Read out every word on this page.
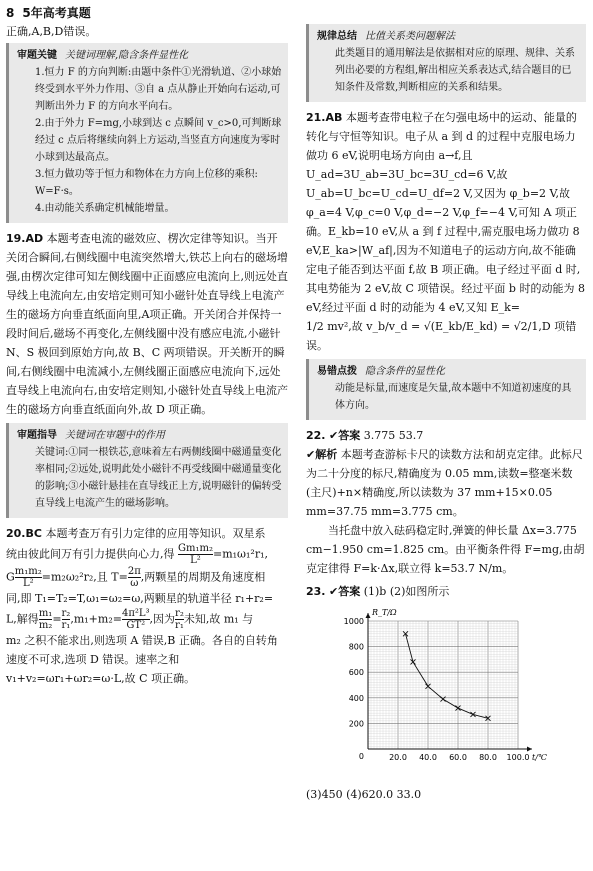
8 5年高考真题

正确,A,B,D错误。

审题关键 关键词理解,隐含条件显性化
1.恒力 F 的方向判断:由题中条件①光滑轨道、②小球始终受到水平外力作用、③自 a 点从静止开始向右运动,可判断出外力 F 的方向水平向右。
2.由于外力 F=mg,小球到达 c 点瞬间 v_c>0,可判断球经过 c 点后将继续向斜上方运动,当竖直方向速度为零时小球到达最高点。
3.恒力做功等于恒力和物体在力方向上位移的乘积:
W=F·s。
4.由动能关系确定机械能增量。

19.AD 本题考查电流的磁效应、楞次定律等知识。当开关闭合瞬间,右侧线圈中电流突然增大,铁芯上向右的磁场增强,由楞次定律可知左侧线圈中正面感应电流向上,则远处直导线上电流向左,由安培定则可知小磁针处直导线上电流产生的磁场方向垂直纸面向里,A项正确。开关闭合并保持一段时间后,磁场不再变化,左侧线圈中没有感应电流,小磁针 N、S 极回到原始方向,故 B、C 两项错误。开关断开的瞬间,右侧线圈中电流减小,左侧线圈正面感应电流向下,远处直导线上电流向右,由安培定则知,小磁针处直导线上电流产生的磁场方向垂直纸面向外,故 D 项正确。

审题指导 关键词在审题中的作用
关键词:①同一根铁芯,意味着左右两侧线圈中磁通量变化率相同;②远处,说明此处小磁针不再受线圈中磁通量变化的影响;③小磁针悬挂在直导线正上方,说明磁针的偏转受直导线上电流产生的磁场影响。

20.BC 本题考查万有引力定律的应用等知识。双星系

统由彼此间万有引力提供向心力,得 $\frac{\text{Gm₁m₂}}{\text{L²}} =m_1\omega_1^2r_1$,

G $\frac{\text{m₁m₂}}{\text{L²}} =m_2\omega_2^2r_2$,且 $T= \frac{2\pi}{\omega}$ ,两颗星的周期及角速度相

同,即 T₁=T₂=T,ω₁=ω₂=ω,两颗星的轨道半径 r₁+r₂=

L,解得 $\frac{\text{m₁}}{\text{m₂}} = \frac{\text{r₂}}{\text{r₁}} ,m_1+m_2= \frac{\text{4π²L³}}{\text{GT²}}$ ,因为 $\frac{\text{r₂}}{\text{r₁}}$ 未知,故 m₁ 与

m₂ 之积不能求出,则选项 A 错误,B 正确。各自的自转角速度不可求,选项 D 错误。速率之和 v₁+v₂=ωr₁+ωr₂=ω·L,故 C 项正确。

规律总结 比值关系类问题解法
此类题目的通用解法是依据相对应的原理、规律、关系列出必要的方程组,解出相应关系表达式,结合题目的已知条件及常数,判断相应的关系和结果。

21.AB 本题考查带电粒子在匀强电场中的运动、能量的转化与守恒等知识。电子从 a 到 d 的过程中克服电场力做功 6 eV,说明电场方向由 a→f,且 U_ad=3U_ab=3U_bc=3U_cd=6 V,故 U_ab=U_bc=U_cd=U_df=2 V,又因为 φ_b=2 V,故 φ_a=4 V,φ_c=0 V,φ_d=−2 V,φ_f=−4 V,可知 A 项正确。E_kb=10 eV,从 a 到 f 过程中,需克服电场力做功 8 eV,E_ka>|W_af|,因为不知道电子的运动方向,故不能确定电子能否到达平面 f,故 B 项正确。电子经过平面 d 时,其电势能为 2 eV,故 C 项错误。经过平面 b 时的动能为 8 eV,经过平面 d 时的动能为 4 eV,又知 E_k=

1/2 mv²,故 v_b/v_d = √(E_kb/E_kd) = √2/1,D 项错误。

易错点拨 隐含条件的显性化
动能是标量,而速度是矢量,故本题中不知道初速度的具体方向。

22. ✔答案 3.775 53.7

✔解析 本题考查游标卡尺的读数方法和胡克定律。此标尺为二十分度的标尺,精确度为 0.05 mm,读数=整毫米数(主尺)+n×精确度,所以读数为 37 mm+15×0.05 mm=37.75 mm=3.775 cm。

当托盘中放入砝码稳定时,弹簧的伸长量 Δx=3.775 cm−1.950 cm=1.825 cm。由平衡条件得 F=mg,由胡克定律得 F=k·Δx,联立得 k=53.7 N/m。

23. ✔答案 (1)b (2)如图所示

20.0 40.0 60.0 80.0 100.0
0
200
400
600
800
1000
R_T/Ω
t/℃

(3)450 (4)620.0 33.0
